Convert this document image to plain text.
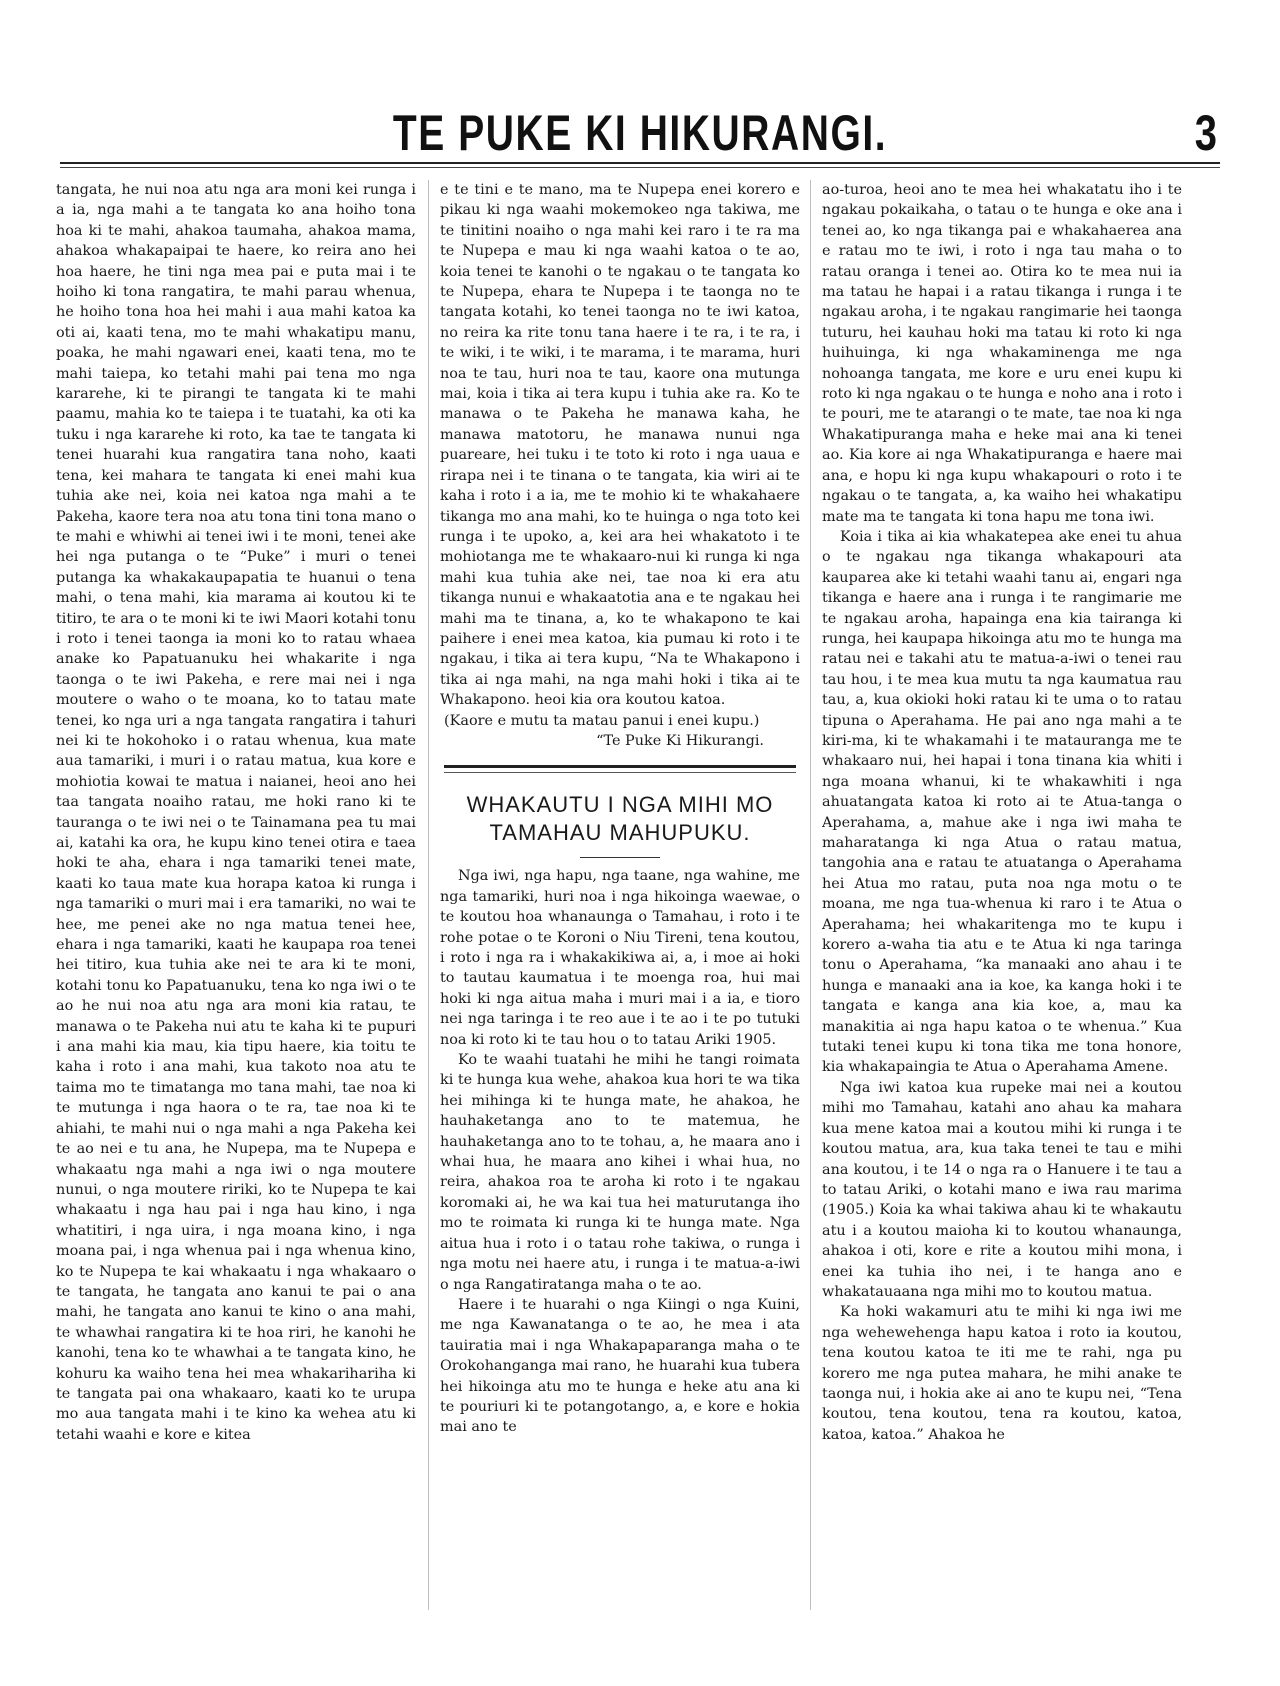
TE PUKE KI HIKURANGI.	3

tangata, he nui noa atu nga ara moni kei runga i a ia, nga mahi a te tangata ko ana hoiho tona hoa ki te mahi, ahakoa taumaha, ahakoa mama, ahakoa whakapaipai te haere, ko reira ano hei hoa haere, he tini nga mea pai e puta mai i te hoiho ki tona rangatira, te mahi parau whenua, he hoiho tona hoa hei mahi i aua mahi katoa ka oti ai, kaati tena, mo te mahi whakatipu manu, poaka, he mahi ngawari enei, kaati tena, mo te mahi taiepa, ko tetahi mahi pai tena mo nga kararehe, ki te pirangi te tangata ki te mahi paamu, mahia ko te taiepa i te tuatahi, ka oti ka tuku i nga kararehe ki roto, ka tae te tangata ki tenei huarahi kua rangatira tana noho, kaati tena, kei mahara te tangata ki enei mahi kua tuhia ake nei, koia nei katoa nga mahi a te Pakeha, kaore tera noa atu tona tini tona mano o te mahi e whiwhi ai tenei iwi i te moni, tenei ake hei nga putanga o te “Puke” i muri o tenei putanga ka whakakaupapatia te huanui o tena mahi, o tena mahi, kia marama ai koutou ki te titiro, te ara o te moni ki te iwi Maori kotahi tonu i roto i tenei taonga ia moni ko to ratau whaea anake ko Papatuanuku hei whakarite i nga taonga o te iwi Pakeha, e rere mai nei i nga moutere o waho o te moana, ko to tatau mate tenei, ko nga uri a nga tangata rangatira i tahuri nei ki te hokohoko i o ratau whenua, kua mate aua tamariki, i muri i o ratau matua, kua kore e mohiotia kowai te matua i naianei, heoi ano hei taa tangata noaiho ratau, me hoki rano ki te tauranga o te iwi nei o te Tainamana pea tu mai ai, katahi ka ora, he kupu kino tenei otira e taea hoki te aha, ehara i nga tamariki tenei mate, kaati ko taua mate kua horapa katoa ki runga i nga tamariki o muri mai i era tamariki, no wai te hee, me penei ake no nga matua tenei hee, ehara i nga tamariki, kaati he kaupapa roa tenei hei titiro, kua tuhia ake nei te ara ki te moni, kotahi tonu ko Papatuanuku, tena ko nga iwi o te ao he nui noa atu nga ara moni kia ratau, te manawa o te Pakeha nui atu te kaha ki te pupuri i ana mahi kia mau, kia tipu haere, kia toitu te kaha i roto i ana mahi, kua takoto noa atu te taima mo te timatanga mo tana mahi, tae noa ki te mutunga i nga haora o te ra, tae noa ki te ahiahi, te mahi nui o nga mahi a nga Pakeha kei te ao nei e tu ana, he Nupepa, ma te Nupepa e whakaatu nga mahi a nga iwi o nga moutere nunui, o nga moutere ririki, ko te Nupepa te kai whakaatu i nga hau pai i nga hau kino, i nga whatitiri, i nga uira, i nga moana kino, i nga moana pai, i nga whenua pai i nga whenua kino, ko te Nupepa te kai whakaatu i nga whakaaro o te tangata, he tangata ano kanui te pai o ana mahi, he tangata ano kanui te kino o ana mahi, te whawhai rangatira ki te hoa riri, he kanohi he kanohi, tena ko te whawhai a te tangata kino, he kohuru ka waiho tena hei mea whakarihariha ki te tangata pai ona whakaaro, kaati ko te urupa mo aua tangata mahi i te kino ka wehea atu ki tetahi waahi e kore e kitea

e te tini e te mano, ma te Nupepa enei korero e pikau ki nga waahi mokemokeo nga takiwa, me te tinitini noaiho o nga mahi kei raro i te ra ma te Nupepa e mau ki nga waahi katoa o te ao, koia tenei te kanohi o te ngakau o te tangata ko te Nupepa, ehara te Nupepa i te taonga no te tangata kotahi, ko tenei taonga no te iwi katoa, no reira ka rite tonu tana haere i te ra, i te ra, i te wiki, i te wiki, i te marama, i te marama, huri noa te tau, huri noa te tau, kaore ona mutunga mai, koia i tika ai tera kupu i tuhia ake ra. Ko te manawa o te Pakeha he manawa kaha, he manawa matotoru, he manawa nunui nga puareare, hei tuku i te toto ki roto i nga uaua e rirapa nei i te tinana o te tangata, kia wiri ai te kaha i roto i a ia, me te mohio ki te whakahaere tikanga mo ana mahi, ko te huinga o nga toto kei runga i te upoko, a, kei ara hei whakatoto i te mohiotanga me te whakaaro-nui ki runga ki nga mahi kua tuhia ake nei, tae noa ki era atu tikanga nunui e whakaatotia ana e te ngakau hei mahi ma te tinana, a, ko te whakapono te kai paihere i enei mea katoa, kia pumau ki roto i te ngakau, i tika ai tera kupu, “Na te Whakapono i tika ai nga mahi, na nga mahi hoki i tika ai te Whakapono. heoi kia ora koutou katoa.

(Kaore e mutu ta matau panui i enei kupu.)

“Te Puke Ki Hikurangi.

WHAKAUTU I NGA MIHI MO
TAMAHAU MAHUPUKU.

Nga iwi, nga hapu, nga taane, nga wahine, me nga tamariki, huri noa i nga hikoinga waewae, o te koutou hoa whanaunga o Tamahau, i roto i te rohe potae o te Koroni o Niu Tireni, tena koutou, i roto i nga ra i whakakikiwa ai, a, i moe ai hoki to tautau kaumatua i te moenga roa, hui mai hoki ki nga aitua maha i muri mai i a ia, e tioro nei nga taringa i te reo aue i te ao i te po tutuki noa ki roto ki te tau hou o to tatau Ariki 1905.

Ko te waahi tuatahi he mihi he tangi roimata ki te hunga kua wehe, ahakoa kua hori te wa tika hei mihinga ki te hunga mate, he ahakoa, he hauhaketanga ano to te matemua, he hauhaketanga ano to te tohau, a, he maara ano i whai hua, he maara ano kihei i whai hua, no reira, ahakoa roa te aroha ki roto i te ngakau koromaki ai, he wa kai tua hei maturutanga iho mo te roimata ki runga ki te hunga mate. Nga aitua hua i roto i o tatau rohe takiwa, o runga i nga motu nei haere atu, i runga i te matua-a-iwi o nga Rangatiratanga maha o te ao.

Haere i te huarahi o nga Kiingi o nga Kuini, me nga Kawanatanga o te ao, he mea i ata tauiratia mai i nga Whakapaparanga maha o te Orokohanganga mai rano, he huarahi kua tubera hei hikoinga atu mo te hunga e heke atu ana ki te pouriuri ki te potangotango, a, e kore e hokia mai ano te

ao-turoa, heoi ano te mea hei whakatatu iho i te ngakau pokaikaha, o tatau o te hunga e oke ana i tenei ao, ko nga tikanga pai e whakahaerea ana e ratau mo te iwi, i roto i nga tau maha o to ratau oranga i tenei ao. Otira ko te mea nui ia ma tatau he hapai i a ratau tikanga i runga i te ngakau aroha, i te ngakau rangimarie hei taonga tuturu, hei kauhau hoki ma tatau ki roto ki nga huihuinga, ki nga whakaminenga me nga nohoanga tangata, me kore e uru enei kupu ki roto ki nga ngakau o te hunga e noho ana i roto i te pouri, me te atarangi o te mate, tae noa ki nga Whakatipuranga maha e heke mai ana ki tenei ao. Kia kore ai nga Whakatipuranga e haere mai ana, e hopu ki nga kupu whakapouri o roto i te ngakau o te tangata, a, ka waiho hei whakatipu mate ma te tangata ki tona hapu me tona iwi.

Koia i tika ai kia whakatepea ake enei tu ahua o te ngakau nga tikanga whakapouri ata kauparea ake ki tetahi waahi tanu ai, engari nga tikanga e haere ana i runga i te rangimarie me te ngakau aroha, hapainga ena kia tairanga ki runga, hei kaupapa hikoinga atu mo te hunga ma ratau nei e takahi atu te matua-a-iwi o tenei rau tau hou, i te mea kua mutu ta nga kaumatua rau tau, a, kua okioki hoki ratau ki te uma o to ratau tipuna o Aperahama. He pai ano nga mahi a te kiri-ma, ki te whakamahi i te matauranga me te whakaaro nui, hei hapai i tona tinana kia whiti i nga moana whanui, ki te whakawhiti i nga ahuatangata katoa ki roto ai te Atua-tanga o Aperahama, a, mahue ake i nga iwi maha te maharatanga ki nga Atua o ratau matua, tangohia ana e ratau te atuatanga o Aperahama hei Atua mo ratau, puta noa nga motu o te moana, me nga tua-whenua ki raro i te Atua o Aperahama; hei whakaritenga mo te kupu i korero a-waha tia atu e te Atua ki nga taringa tonu o Aperahama, “ka manaaki ano ahau i te hunga e manaaki ana ia koe, ka kanga hoki i te tangata e kanga ana kia koe, a, mau ka manakitia ai nga hapu katoa o te whenua.” Kua tutaki tenei kupu ki tona tika me tona honore, kia whakapaingia te Atua o Aperahama Amene.

Nga iwi katoa kua rupeke mai nei a koutou mihi mo Tamahau, katahi ano ahau ka mahara kua mene katoa mai a koutou mihi ki runga i te koutou matua, ara, kua taka tenei te tau e mihi ana koutou, i te 14 o nga ra o Hanuere i te tau a to tatau Ariki, o kotahi mano e iwa rau marima (1905.) Koia ka whai takiwa ahau ki te whakautu atu i a koutou maioha ki to koutou whanaunga, ahakoa i oti, kore e rite a koutou mihi mona, i enei ka tuhia iho nei, i te hanga ano e whakatauaana nga mihi mo to koutou matua.

Ka hoki wakamuri atu te mihi ki nga iwi me nga wehewehenga hapu katoa i roto ia koutou, tena koutou katoa te iti me te rahi, nga pu korero me nga putea mahara, he mihi anake te taonga nui, i hokia ake ai ano te kupu nei, “Tena koutou, tena koutou, tena ra koutou, katoa, katoa, katoa.” Ahakoa he
